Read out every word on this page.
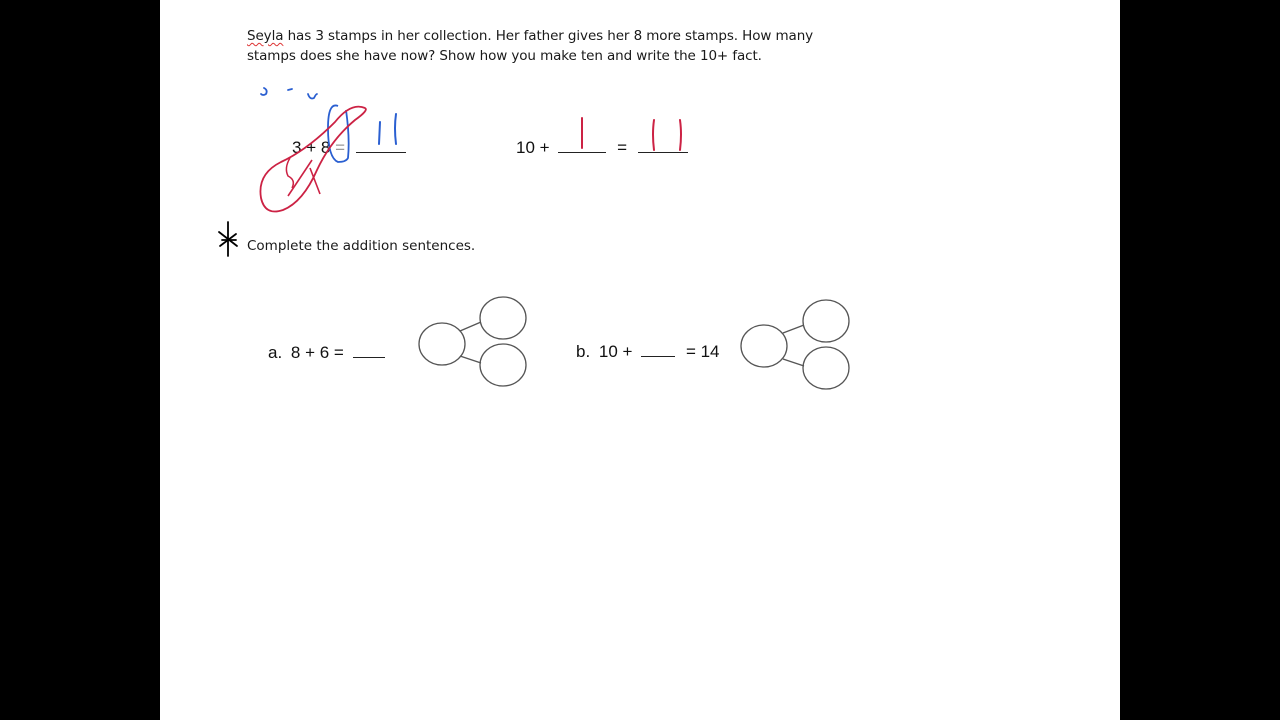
Seyla has 3 stamps in her collection. Her father gives her 8 more stamps. How many

stamps does she have now? Show how you make ten and write the 10+ fact.

3 + 8 =	10 +	=
Complete the addition sentences.
a. 8 + 6 =	b. 10 +	= 14
